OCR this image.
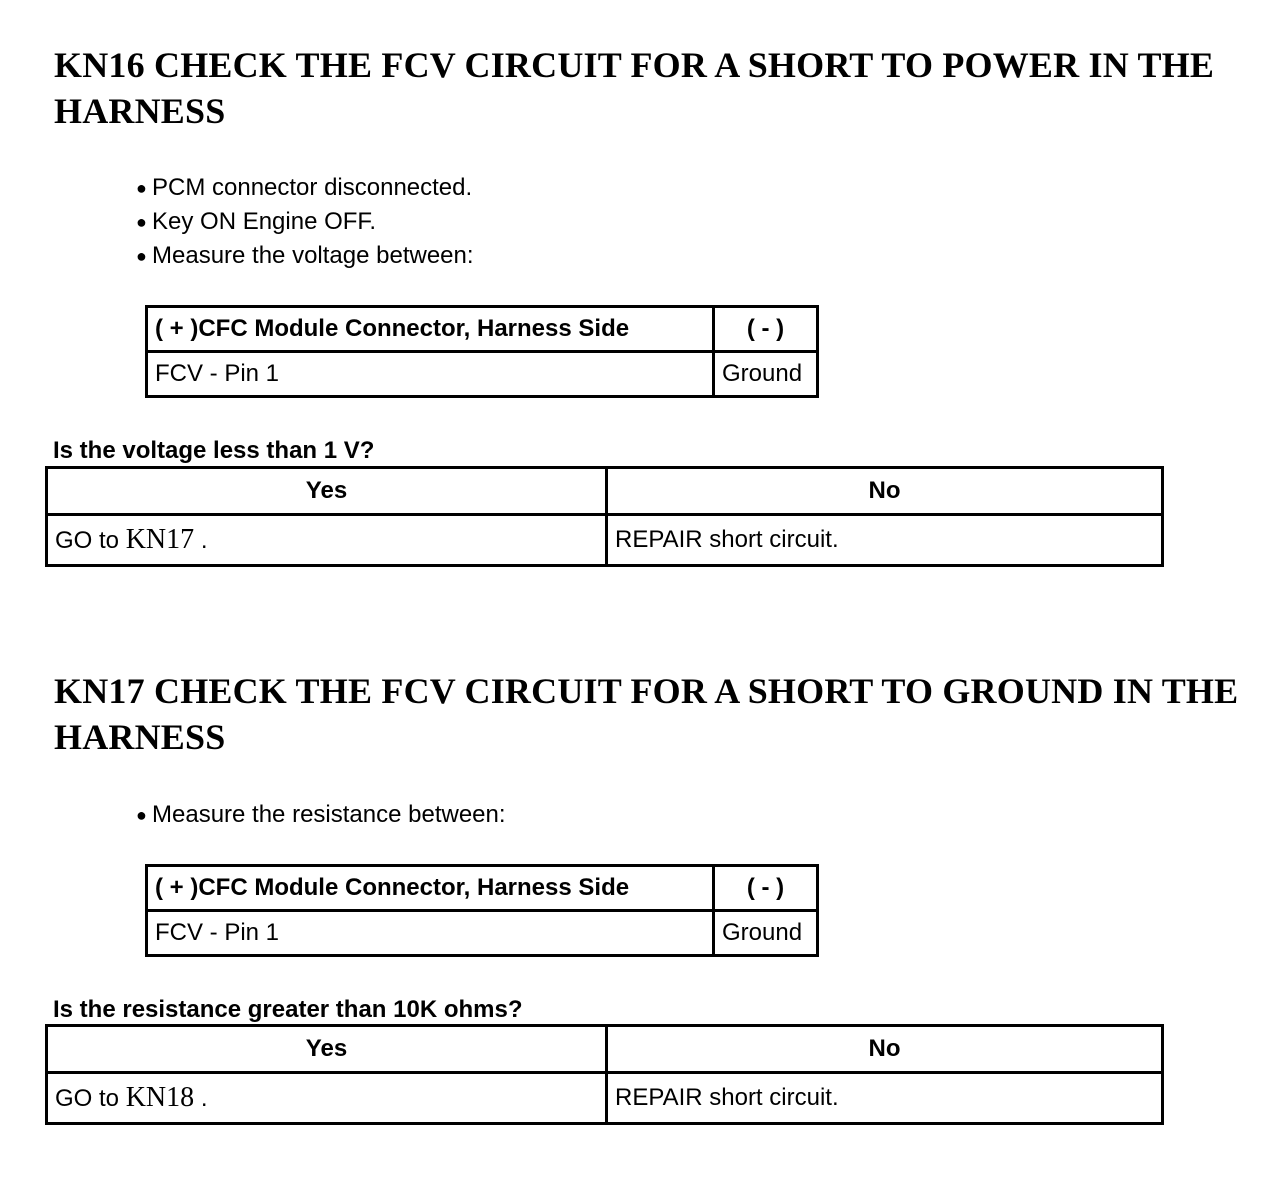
KN16 CHECK THE FCV CIRCUIT FOR A SHORT TO POWER IN THE HARNESS
● PCM connector disconnected.
● Key ON Engine OFF.
● Measure the voltage between:
( + )CFC Module Connector, Harness Side	( - )
FCV - Pin 1	Ground

Is the voltage less than 1 V?

Yes	No
GO to KN17 .	REPAIR short circuit.
KN17 CHECK THE FCV CIRCUIT FOR A SHORT TO GROUND IN THE HARNESS
● Measure the resistance between:
( + )CFC Module Connector, Harness Side	( - )
FCV - Pin 1	Ground

Is the resistance greater than 10K ohms?

Yes	No
GO to KN18 .	REPAIR short circuit.
